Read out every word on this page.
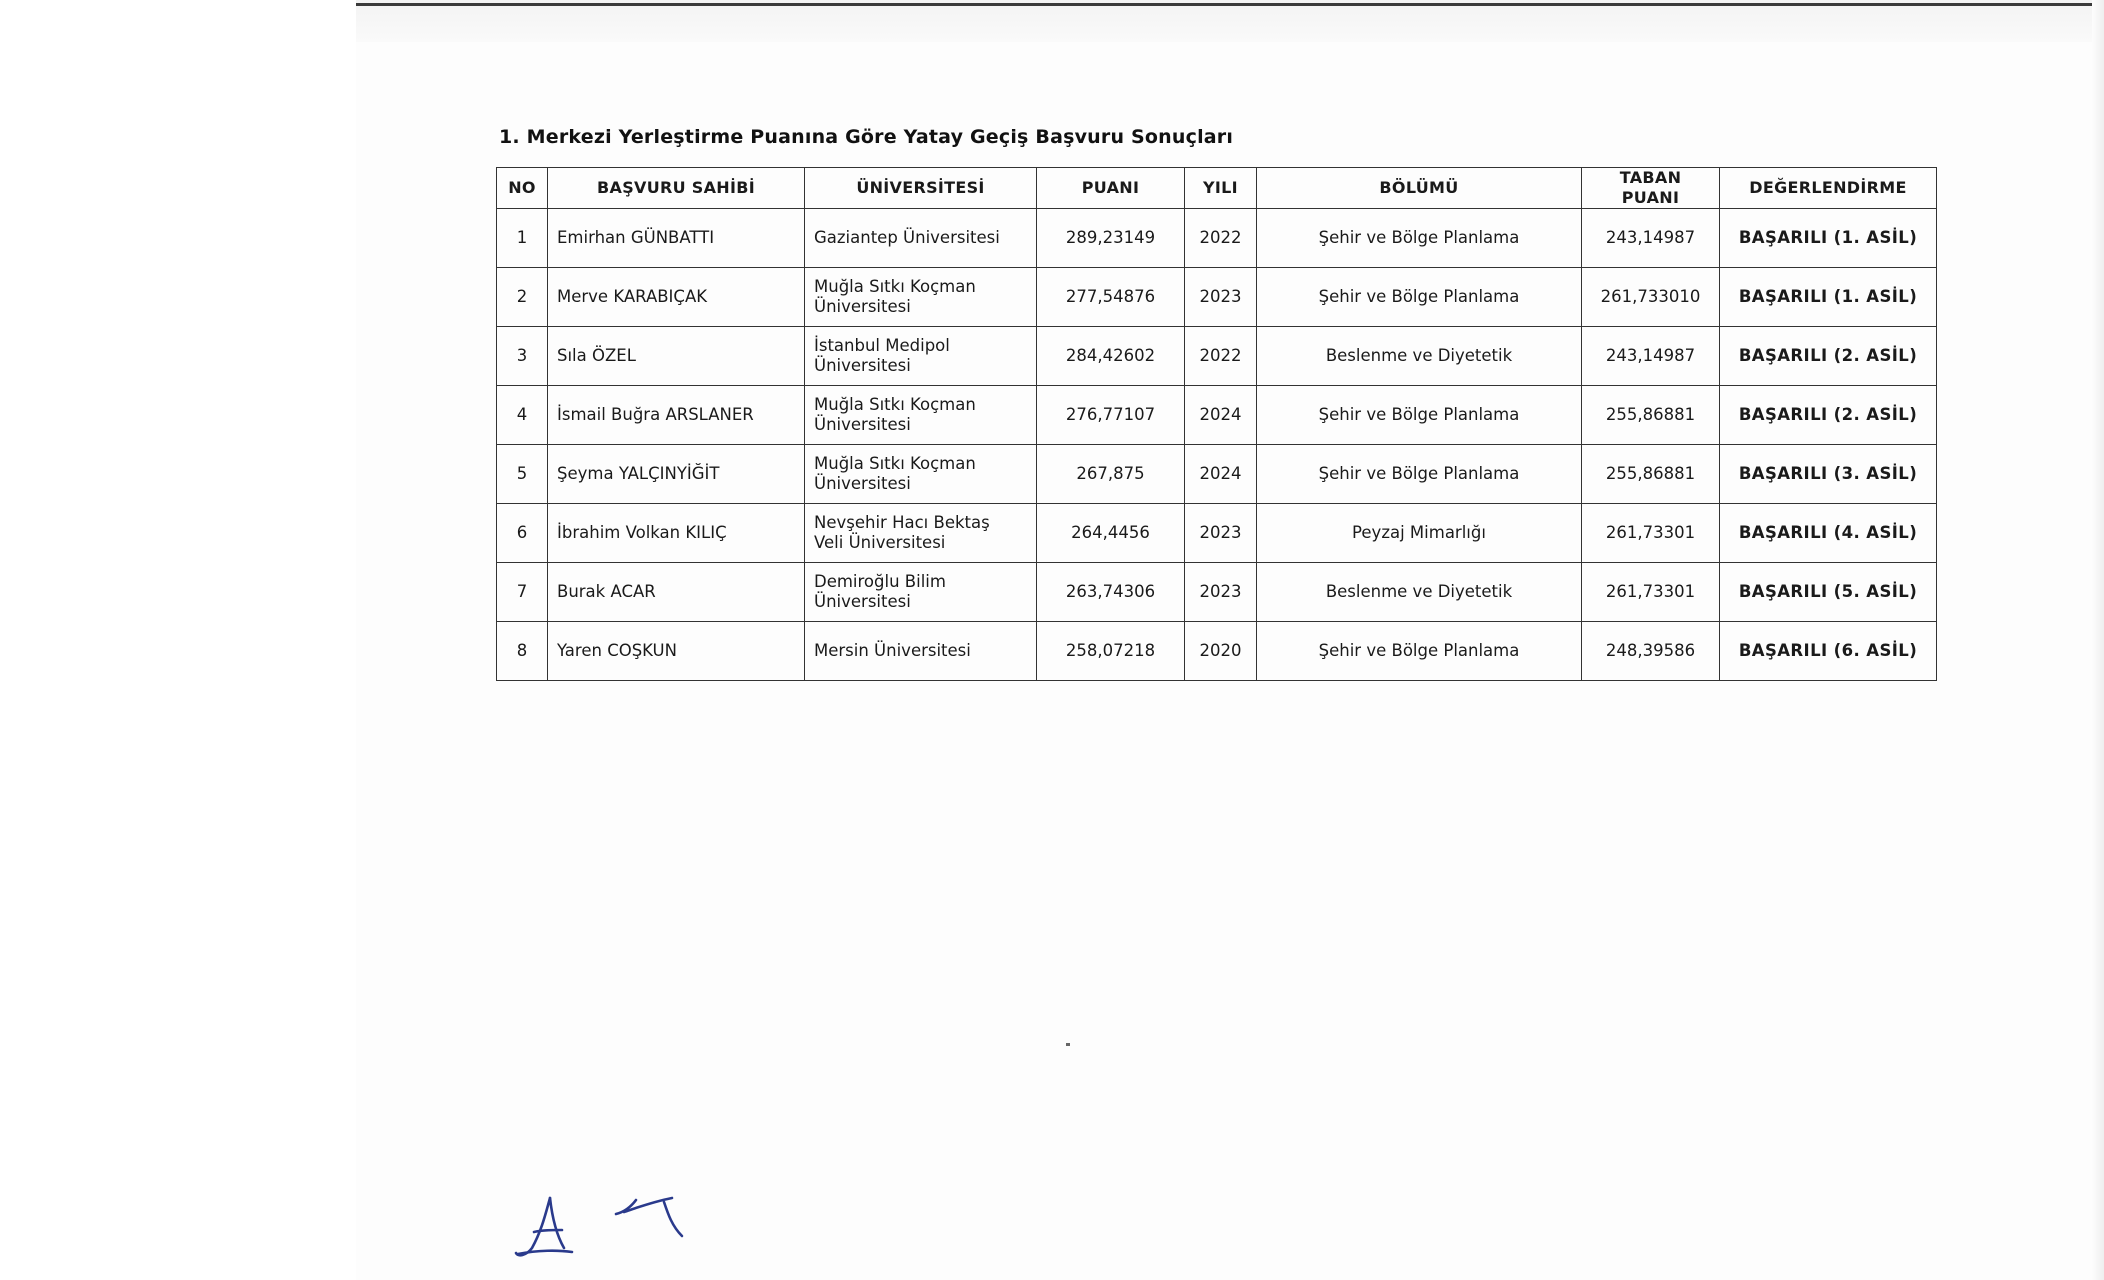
1. Merkezi Yerleştirme Puanına Göre Yatay Geçiş Başvuru Sonuçları
NO	BAŞVURU SAHİBİ	ÜNİVERSİTESİ	PUANI	YILI	BÖLÜMÜ	TABAN
PUANI	DEĞERLENDİRME
1	Emirhan GÜNBATTI	Gaziantep Üniversitesi	289,23149	2022	Şehir ve Bölge Planlama	243,14987	BAŞARILI (1. ASİL)
2	Merve KARABIÇAK	Muğla Sıtkı Koçman
Üniversitesi	277,54876	2023	Şehir ve Bölge Planlama	261,733010	BAŞARILI (1. ASİL)
3	Sıla ÖZEL	İstanbul Medipol
Üniversitesi	284,42602	2022	Beslenme ve Diyetetik	243,14987	BAŞARILI (2. ASİL)
4	İsmail Buğra ARSLANER	Muğla Sıtkı Koçman
Üniversitesi	276,77107	2024	Şehir ve Bölge Planlama	255,86881	BAŞARILI (2. ASİL)
5	Şeyma YALÇINYİĞİT	Muğla Sıtkı Koçman
Üniversitesi	267,875	2024	Şehir ve Bölge Planlama	255,86881	BAŞARILI (3. ASİL)
6	İbrahim Volkan KILIÇ	Nevşehir Hacı Bektaş
Veli Üniversitesi	264,4456	2023	Peyzaj Mimarlığı	261,73301	BAŞARILI (4. ASİL)
7	Burak ACAR	Demiroğlu Bilim
Üniversitesi	263,74306	2023	Beslenme ve Diyetetik	261,73301	BAŞARILI (5. ASİL)
8	Yaren COŞKUN	Mersin Üniversitesi	258,07218	2020	Şehir ve Bölge Planlama	248,39586	BAŞARILI (6. ASİL)
